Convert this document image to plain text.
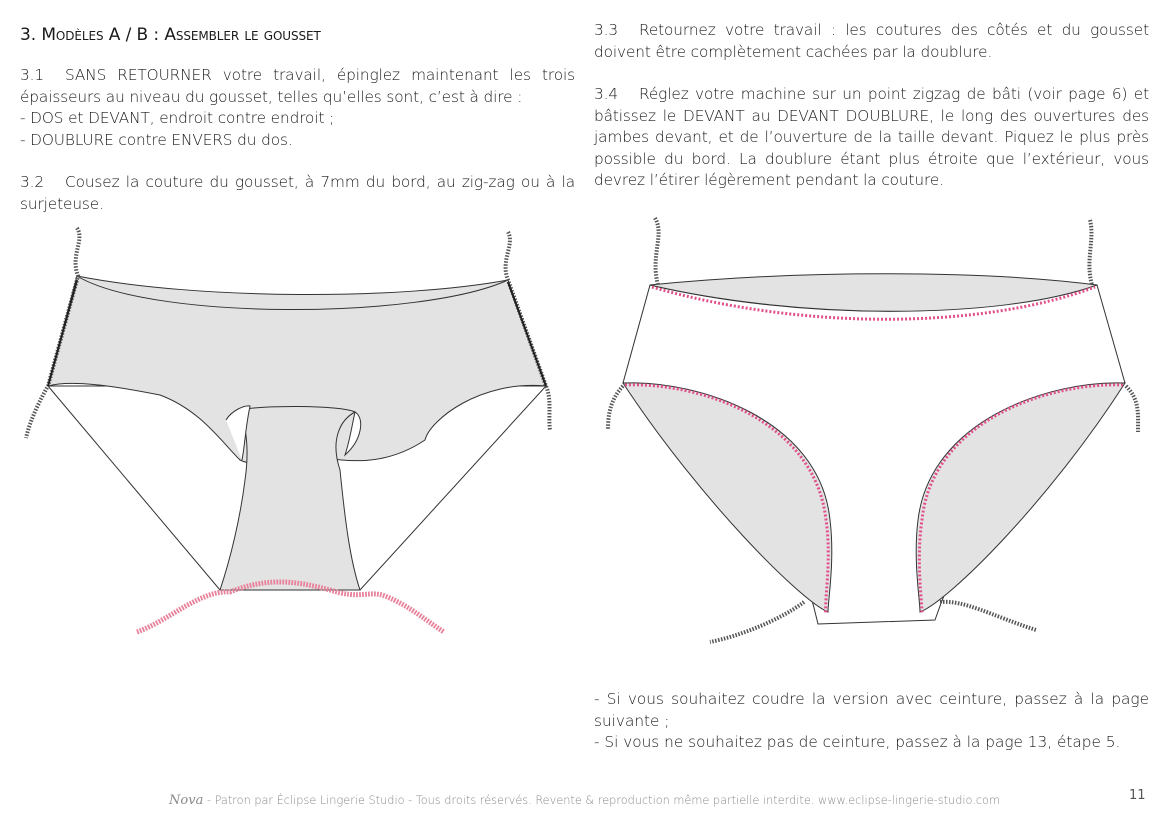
3. Modèles A / B : Assembler le gousset

3.1 SANS RETOURNER votre travail, épinglez maintenant les trois épaisseurs au niveau du gousset, telles qu’elles sont, c’est à dire :

- DOS et DEVANT, endroit contre endroit ;

- DOUBLURE contre ENVERS du dos.

3.2 Cousez la couture du gousset, à 7mm du bord, au zig-zag ou à la surjeteuse.

3.3 Retournez votre travail : les coutures des côtés et du gousset doivent être complètement cachées par la doublure.

3.4 Réglez votre machine sur un point zigzag de bâti (voir page 6) et bâtissez le DEVANT au DEVANT DOUBLURE, le long des ouvertures des jambes devant, et de l’ouverture de la taille devant. Piquez le plus près possible du bord. La doublure étant plus étroite que l’extérieur, vous devrez l’étirer légèrement pendant la couture.

- Si vous souhaitez coudre la version avec ceinture, passez à la page suivante ;

- Si vous ne souhaitez pas de ceinture, passez à la page 13, étape 5.

Nova - Patron par Éclipse Lingerie Studio - Tous droits réservés. Revente & reproduction même partielle interdite. www.eclipse-lingerie-studio.com	11
